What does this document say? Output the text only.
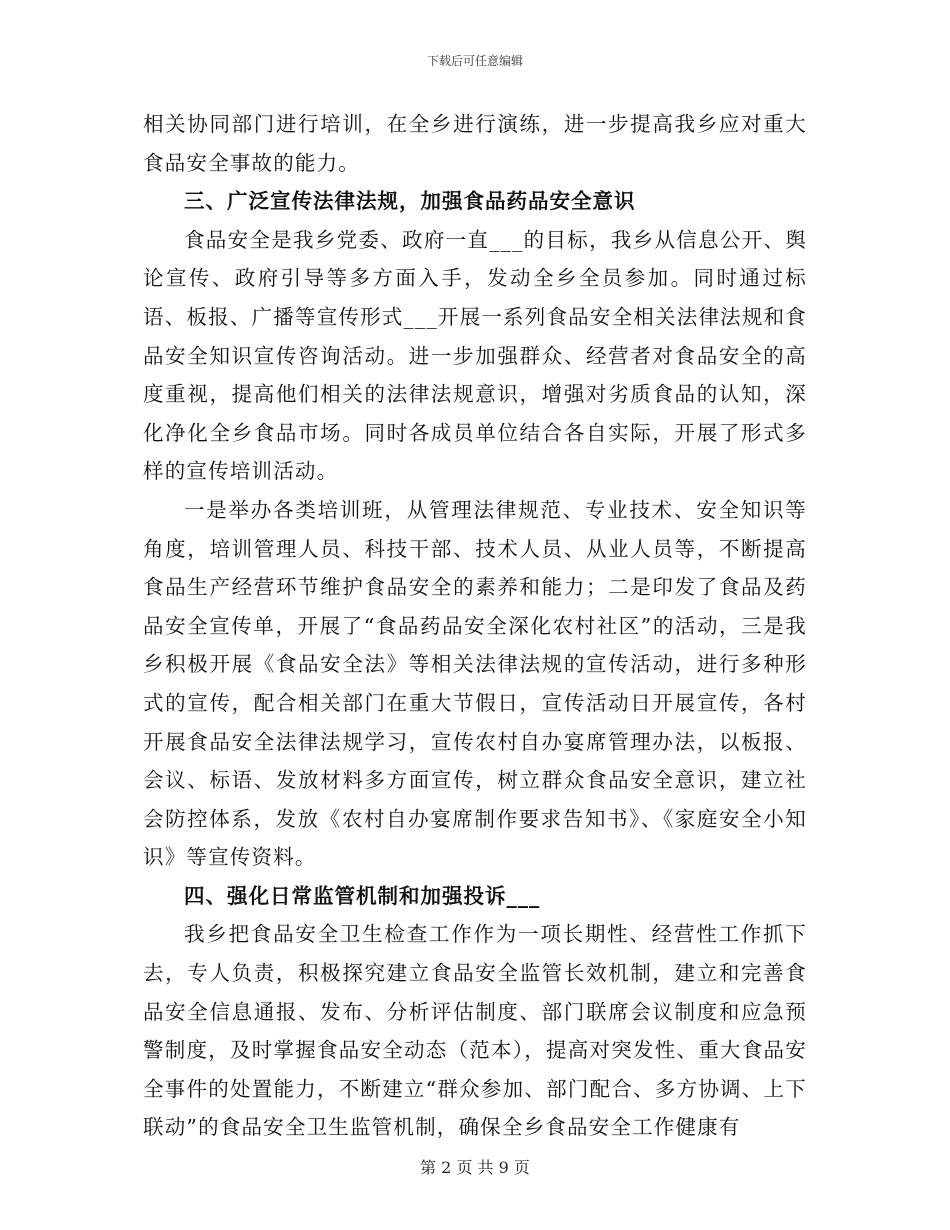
下载后可任意编辑

相关协同部门进行培训，在全乡进行演练，进一步提高我乡应对重大食品安全事故的能力。

三、广泛宣传法律法规，加强食品药品安全意识

食品安全是我乡党委、政府一直___的目标，我乡从信息公开、舆论宣传、政府引导等多方面入手，发动全乡全员参加。同时通过标语、板报、广播等宣传形式___开展一系列食品安全相关法律法规和食品安全知识宣传咨询活动。进一步加强群众、经营者对食品安全的高度重视，提高他们相关的法律法规意识，增强对劣质食品的认知，深化净化全乡食品市场。同时各成员单位结合各自实际，开展了形式多样的宣传培训活动。

一是举办各类培训班，从管理法律规范、专业技术、安全知识等角度，培训管理人员、科技干部、技术人员、从业人员等，不断提高食品生产经营环节维护食品安全的素养和能力；二是印发了食品及药品安全宣传单，开展了“食品药品安全深化农村社区”的活动，三是我乡积极开展《食品安全法》等相关法律法规的宣传活动，进行多种形式的宣传，配合相关部门在重大节假日，宣传活动日开展宣传，各村开展食品安全法律法规学习，宣传农村自办宴席管理办法，以板报、会议、标语、发放材料多方面宣传，树立群众食品安全意识，建立社会防控体系，发放《农村自办宴席制作要求告知书》、《家庭安全小知识》等宣传资料。

四、强化日常监管机制和加强投诉___

我乡把食品安全卫生检查工作作为一项长期性、经营性工作抓下去，专人负责，积极探究建立食品安全监管长效机制，建立和完善食品安全信息通报、发布、分析评估制度、部门联席会议制度和应急预警制度，及时掌握食品安全动态（范本），提高对突发性、重大食品安全事件的处置能力，不断建立“群众参加、部门配合、多方协调、上下联动”的食品安全卫生监管机制，确保全乡食品安全工作健康有

第 2 页 共 9 页
